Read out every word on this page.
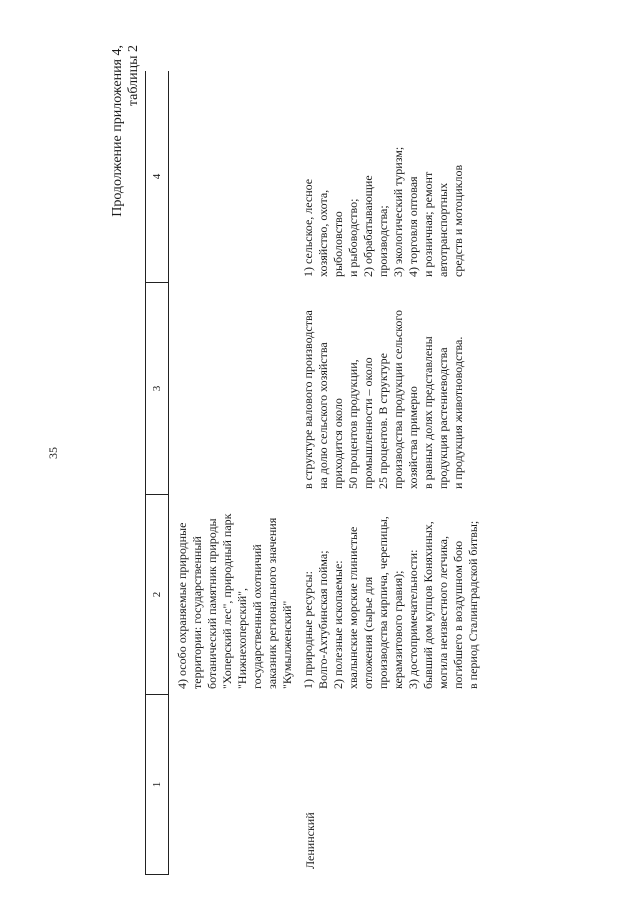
35
Продолжение приложения 4,
таблицы 2
1
2
3
4
4) особо охраняемые природные
территории: государственный
ботанический памятник природы
"Хоперский лес", природный парк
"Нижнехоперский",
государственный охотничий
заказник регионального значения
"Кумылженский"
Ленинский
1) природные ресурсы:
Волго-Ахтубинская пойма;
2) полезные ископаемые:
хвалынские морские глинистые
отложения (сырье для
производства кирпича, черепицы,
керамзитового гравия);
3) достопримечательности:
бывший дом купцов Коняхиных,
могила неизвестного летчика,
погибшего в воздушном бою
в период Сталинградской битвы;
в структуре валового производства
на долю сельского хозяйства
приходится около
50 процентов продукции,
промышленности – около
25 процентов. В структуре
производства продукции сельского
хозяйства примерно
в равных долях представлены
продукция растениеводства
и продукция животноводства.
1) сельское, лесное
хозяйство, охота,
рыболовство
и рыбоводство;
2) обрабатывающие
производства;
3) экологический туризм;
4) торговля оптовая
и розничная; ремонт
автотранспортных
средств и мотоциклов
